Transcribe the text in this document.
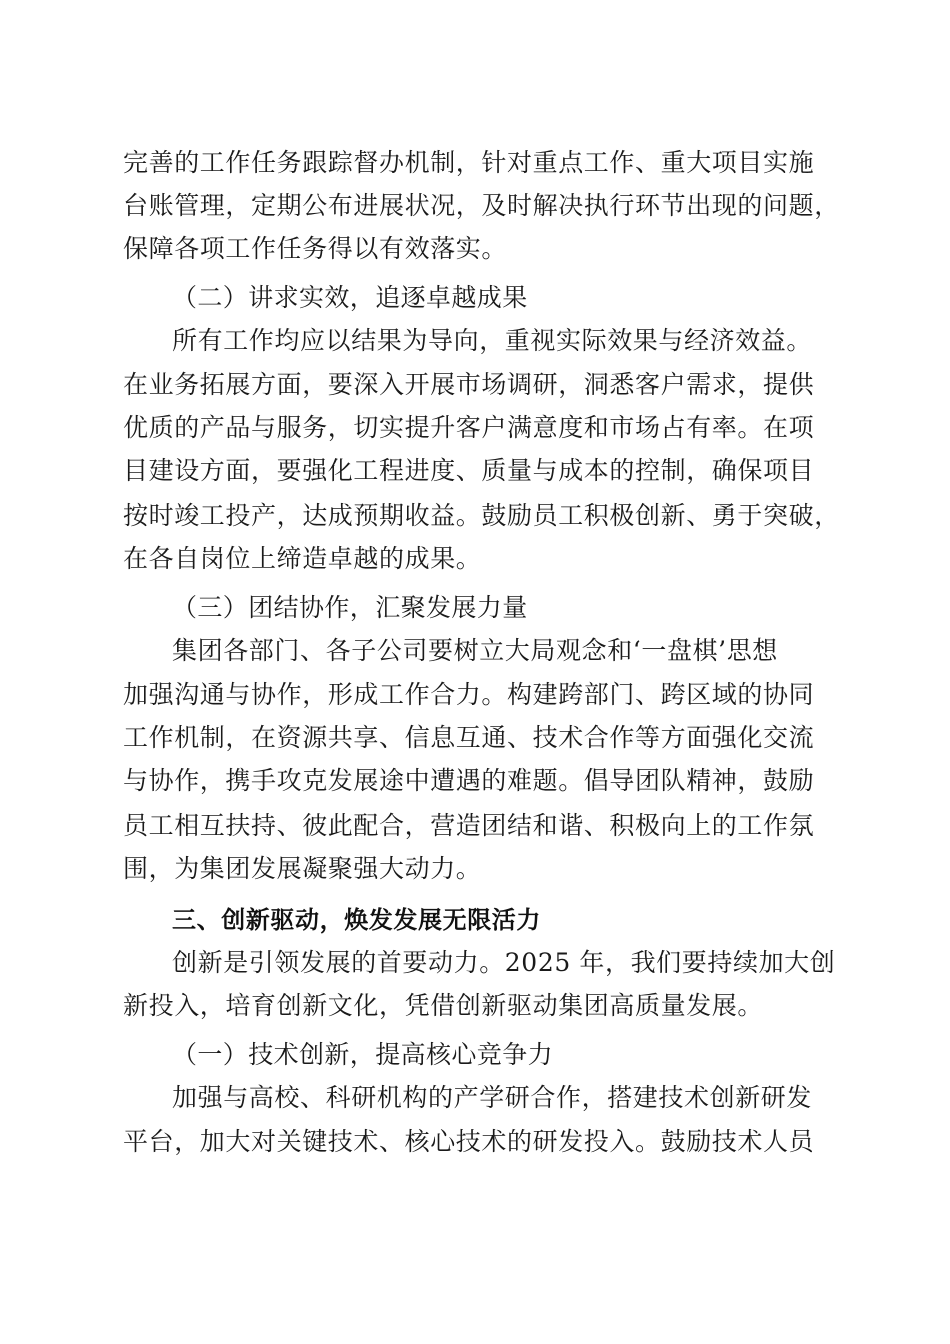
完善的工作任务跟踪督办机制，针对重点工作、重大项目实施
台账管理，定期公布进展状况，及时解决执行环节出现的问题，
保障各项工作任务得以有效落实。
（二）讲求实效，追逐卓越成果
所有工作均应以结果为导向，重视实际效果与经济效益。
在业务拓展方面，要深入开展市场调研，洞悉客户需求，提供
优质的产品与服务，切实提升客户满意度和市场占有率。在项
目建设方面，要强化工程进度、质量与成本的控制，确保项目
按时竣工投产，达成预期收益。鼓励员工积极创新、勇于突破，
在各自岗位上缔造卓越的成果。
（三）团结协作，汇聚发展力量
集团各部门、各子公司要树立大局观念和‘一盘棋’思想
加强沟通与协作，形成工作合力。构建跨部门、跨区域的协同
工作机制，在资源共享、信息互通、技术合作等方面强化交流
与协作，携手攻克发展途中遭遇的难题。倡导团队精神，鼓励
员工相互扶持、彼此配合，营造团结和谐、积极向上的工作氛
围，为集团发展凝聚强大动力。
三、创新驱动，焕发发展无限活力
创新是引领发展的首要动力。2025 年，我们要持续加大创
新投入，培育创新文化，凭借创新驱动集团高质量发展。
（一）技术创新，提高核心竞争力
加强与高校、科研机构的产学研合作，搭建技术创新研发
平台，加大对关键技术、核心技术的研发投入。鼓励技术人员
